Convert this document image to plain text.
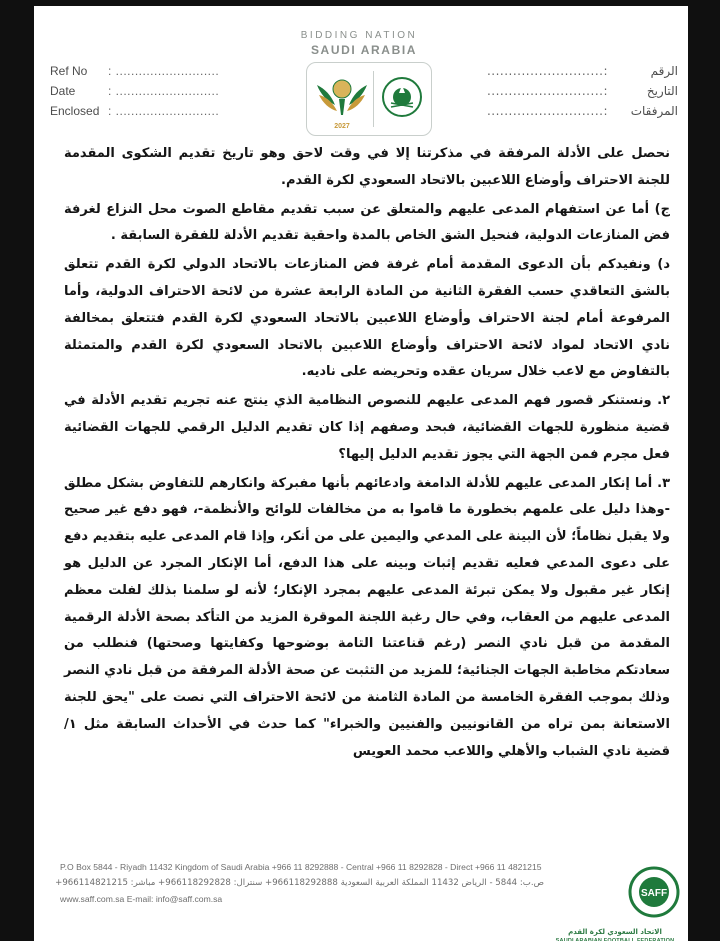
BIDDING NATION
SAUDI ARABIA
2027
Ref No : ...........................
Date	: ...........................
Enclosed : ...........................
الرقم
...........................:
التاريخ
...........................:
المرفقات
...........................:

نحصل على الأدلة المرفقة في مذكرتنا إلا في وقت لاحق وهو تاريخ تقديم الشكوى المقدمة للجنة الاحتراف وأوضاع اللاعبين بالاتحاد السعودي لكرة القدم.

ج) أما عن استفهام المدعى عليهم والمتعلق عن سبب تقديم مقاطع الصوت محل النزاع لغرفة فض المنازعات الدولية، فنحيل الشق الخاص بالمدة واحقية تقديم الأدلة للفقرة السابقة .

د) ونفيدكم بأن الدعوى المقدمة أمام غرفة فض المنازعات بالاتحاد الدولي لكرة القدم تتعلق بالشق التعاقدي حسب الفقرة الثانية من المادة الرابعة عشرة من لائحة الاحتراف الدولية، وأما المرفوعة أمام لجنة الاحتراف وأوضاع اللاعبين بالاتحاد السعودي لكرة القدم فتتعلق بمخالفة نادي الاتحاد لمواد لائحة الاحتراف وأوضاع اللاعبين بالاتحاد السعودي لكرة القدم والمتمثلة بالتفاوض مع لاعب خلال سريان عقده وتحريضه على ناديه.

٢. ونستنكر قصور فهم المدعى عليهم للنصوص النظامية الذي ينتج عنه تجريم تقديم الأدلة في قضية منظورة للجهات القضائية، فبحد وصفهم إذا كان تقديم الدليل الرقمي للجهات القضائية فعل مجرم فمن الجهة التي يجوز تقديم الدليل إليها؟

٣. أما إنكار المدعى عليهم للأدلة الدامغة وادعائهم بأنها مفبركة وانكارهم للتفاوض بشكل مطلق -وهذا دليل على علمهم بخطورة ما قاموا به من مخالفات للوائح والأنظمة-، فهو دفع غير صحيح ولا يقبل نظاماً؛ لأن البينة على المدعي واليمين على من أنكر، وإذا قام المدعى عليه بتقديم دفع على دعوى المدعي فعليه تقديم إثبات وبينه على هذا الدفع، أما الإنكار المجرد عن الدليل هو إنكار غير مقبول ولا يمكن تبرئة المدعى عليهم بمجرد الإنكار؛ لأنه لو سلمنا بذلك لفلت معظم المدعى عليهم من العقاب، وفي حال رغبة اللجنة الموقرة المزيد من التأكد بصحة الأدلة الرقمية المقدمة من قبل نادي النصر (رغم قناعتنا التامة بوضوحها وكفايتها وصحتها) فنطلب من سعادتكم مخاطبة الجهات الجنائية؛ للمزيد من التثبت عن صحة الأدلة المرفقة من قبل نادي النصر وذلك بموجب الفقرة الخامسة من المادة الثامنة من لائحة الاحتراف التي نصت على "يحق للجنة الاستعانة بمن تراه من القانونيين والفنيين والخبراء" كما حدث في الأحداث السابقة مثل ١/ قضية نادي الشباب والأهلي واللاعب محمد العويس

P.O Box 5844 - Riyadh 11432 Kingdom of Saudi Arabia +966 11 8292888 - Central +966 11 8292828 - Direct +966 11 4821215
ص.ب: 5844 - الرياض 11432 المملكة العربية السعودية 966118292888+ سنترال: 966118292828+ مباشر: 966114821215+
www.saff.com.sa E-mail: info@saff.com.sa	SAFF
الاتحاد السعودي لكرة القدم
SAUDI ARABIAN FOOTBALL FEDERATION
